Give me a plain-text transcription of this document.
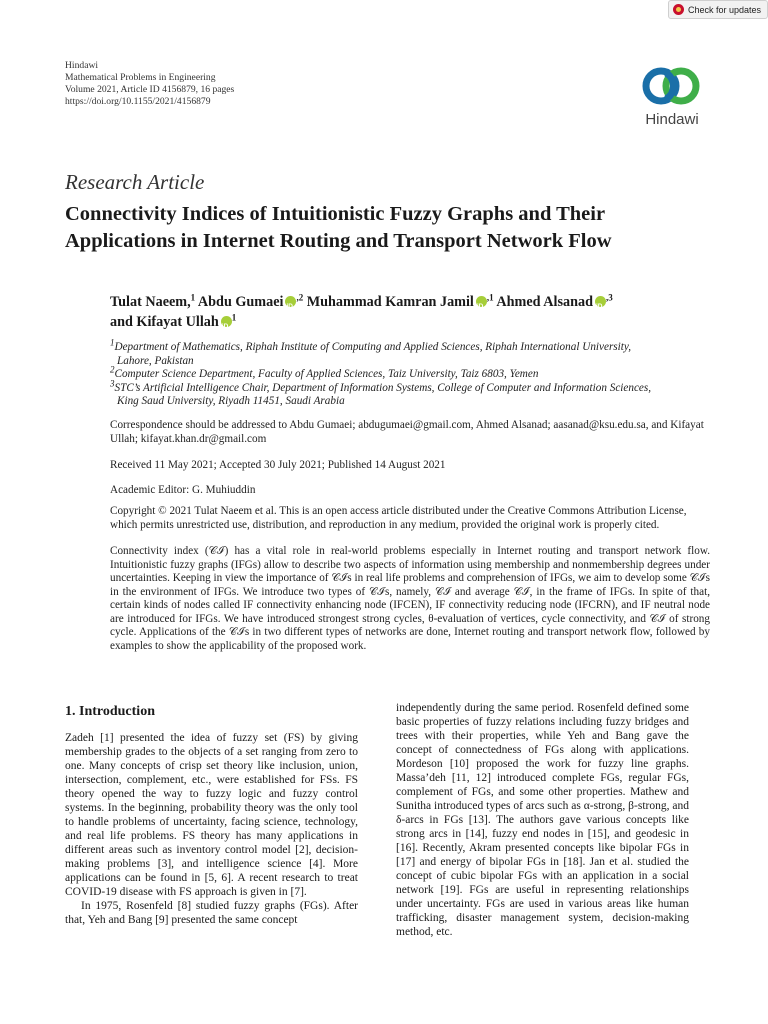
Check for updates
Hindawi
Mathematical Problems in Engineering
Volume 2021, Article ID 4156879, 16 pages
https://doi.org/10.1155/2021/4156879
Hindawi
Research Article
Connectivity Indices of Intuitionistic Fuzzy Graphs and Their Applications in Internet Routing and Transport Network Flow
Tulat Naeem,$^1$ Abdu Gumaei iD $^{,2}$ Muhammad Kamran Jamil iD $^{,1}$ Ahmed AlsanadiD $^{,3}$
and Kifayat Ullah iD $^1$
$^1$Department of Mathematics, Riphah Institute of Computing and Applied Sciences, Riphah International University,
Lahore, Pakistan
$^2$Computer Science Department, Faculty of Applied Sciences, Taiz University, Taiz 6803, Yemen
$^3$STC’s Artificial Intelligence Chair, Department of Information Systems, College of Computer and Information Sciences,
King Saud University, Riyadh 11451, Saudi Arabia
Correspondence should be addressed to Abdu Gumaei; abdugumaei@gmail.com, Ahmed Alsanad; aasanad@ksu.edu.sa, and Kifayat Ullah; kifayat.khan.dr@gmail.com
Received 11 May 2021; Accepted 30 July 2021; Published 14 August 2021
Academic Editor: G. Muhiuddin
Copyright © 2021 Tulat Naeem et al. This is an open access article distributed under the Creative Commons Attribution License, which permits unrestricted use, distribution, and reproduction in any medium, provided the original work is properly cited.
Connectivity index (𝒞ℐ) has a vital role in real-world problems especially in Internet routing and transport network flow. Intuitionistic fuzzy graphs (IFGs) allow to describe two aspects of information using membership and nonmembership degrees under uncertainties. Keeping in view the importance of 𝒞ℐs in real life problems and comprehension of IFGs, we aim to develop some 𝒞ℐs in the environment of IFGs. We introduce two types of 𝒞ℐs, namely, 𝒞ℐ and average 𝒞ℐ, in the frame of IFGs. In spite of that, certain kinds of nodes called IF connectivity enhancing node (IFCEN), IF connectivity reducing node (IFCRN), and IF neutral node are introduced for IFGs. We have introduced strongest strong cycles, θ-evaluation of vertices, cycle connectivity, and 𝒞ℐ of strong cycle. Applications of the 𝒞ℐs in two different types of networks are done, Internet routing and transport network flow, followed by examples to show the applicability of the proposed work.
1. Introduction

Zadeh [1] presented the idea of fuzzy set (FS) by giving membership grades to the objects of a set ranging from zero to one. Many concepts of crisp set theory like inclusion, union, intersection, complement, etc., were established for FSs. FS theory opened the way to fuzzy logic and fuzzy control systems. In the beginning, probability theory was the only tool to handle problems of uncertainty, facing science, technology, and real life problems. FS theory has many applications in different areas such as inventory control model [2], decision-making problems [3], and intelligence science [4]. More applications can be found in [5, 6]. A recent research to treat COVID-19 disease with FS approach is given in [7].

In 1975, Rosenfeld [8] studied fuzzy graphs (FGs). After that, Yeh and Bang [9] presented the same concept

independently during the same period. Rosenfeld defined some basic properties of fuzzy relations including fuzzy bridges and trees with their properties, while Yeh and Bang gave the concept of connectedness of FGs along with applications. Mordeson [10] proposed the work for fuzzy line graphs. Massa’deh [11, 12] introduced complete FGs, regular FGs, complement of FGs, and some other properties. Mathew and Sunitha introduced types of arcs such as α-strong, β-strong, and δ-arcs in FGs [13]. The authors gave various concepts like strong arcs in [14], fuzzy end nodes in [15], and geodesic in [16]. Recently, Akram presented concepts like bipolar FGs in [17] and energy of bipolar FGs in [18]. Jan et al. studied the concept of cubic bipolar FGs with an application in a social network [19]. FGs are useful in representing relationships under uncertainty. FGs are used in various areas like human trafficking, disaster management system, decision-making method, etc.
